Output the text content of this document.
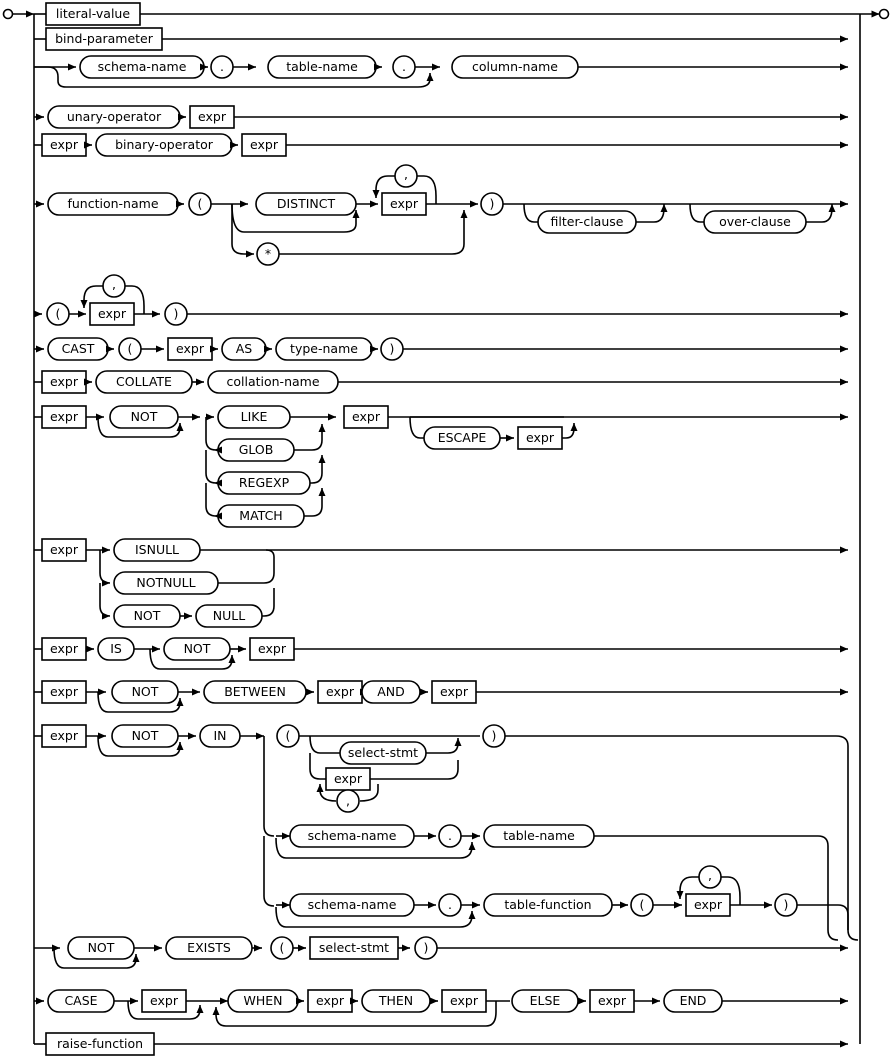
literal-value
bind-parameter
schema-name	.	table-name	.	column-name
unary-operator	expr
expr	binary-operator	expr
function-name	(	DISTINCT	expr	)
*
,
filter-clause	over-clause
(	expr	)
,
CAST	(	expr	AS	type-name	)
expr	COLLATE	collation-name
expr	NOT	LIKE
GLOB
REGEXP
MATCH
expr
ESCAPE	expr
expr	ISNULL
NOTNULL
NOT	NULL
expr	IS	NOT	expr
expr	NOT	BETWEEN	expr AND	expr
expr	NOT	IN	(	)
select-stmt
expr
,
schema-name	.	table-name
schema-name	.	table-function	(	expr	)
,
NOT	EXISTS	(	select-stmt	)
CASE	expr	WHEN	expr	THEN	expr	ELSE	expr	END
raise-function
